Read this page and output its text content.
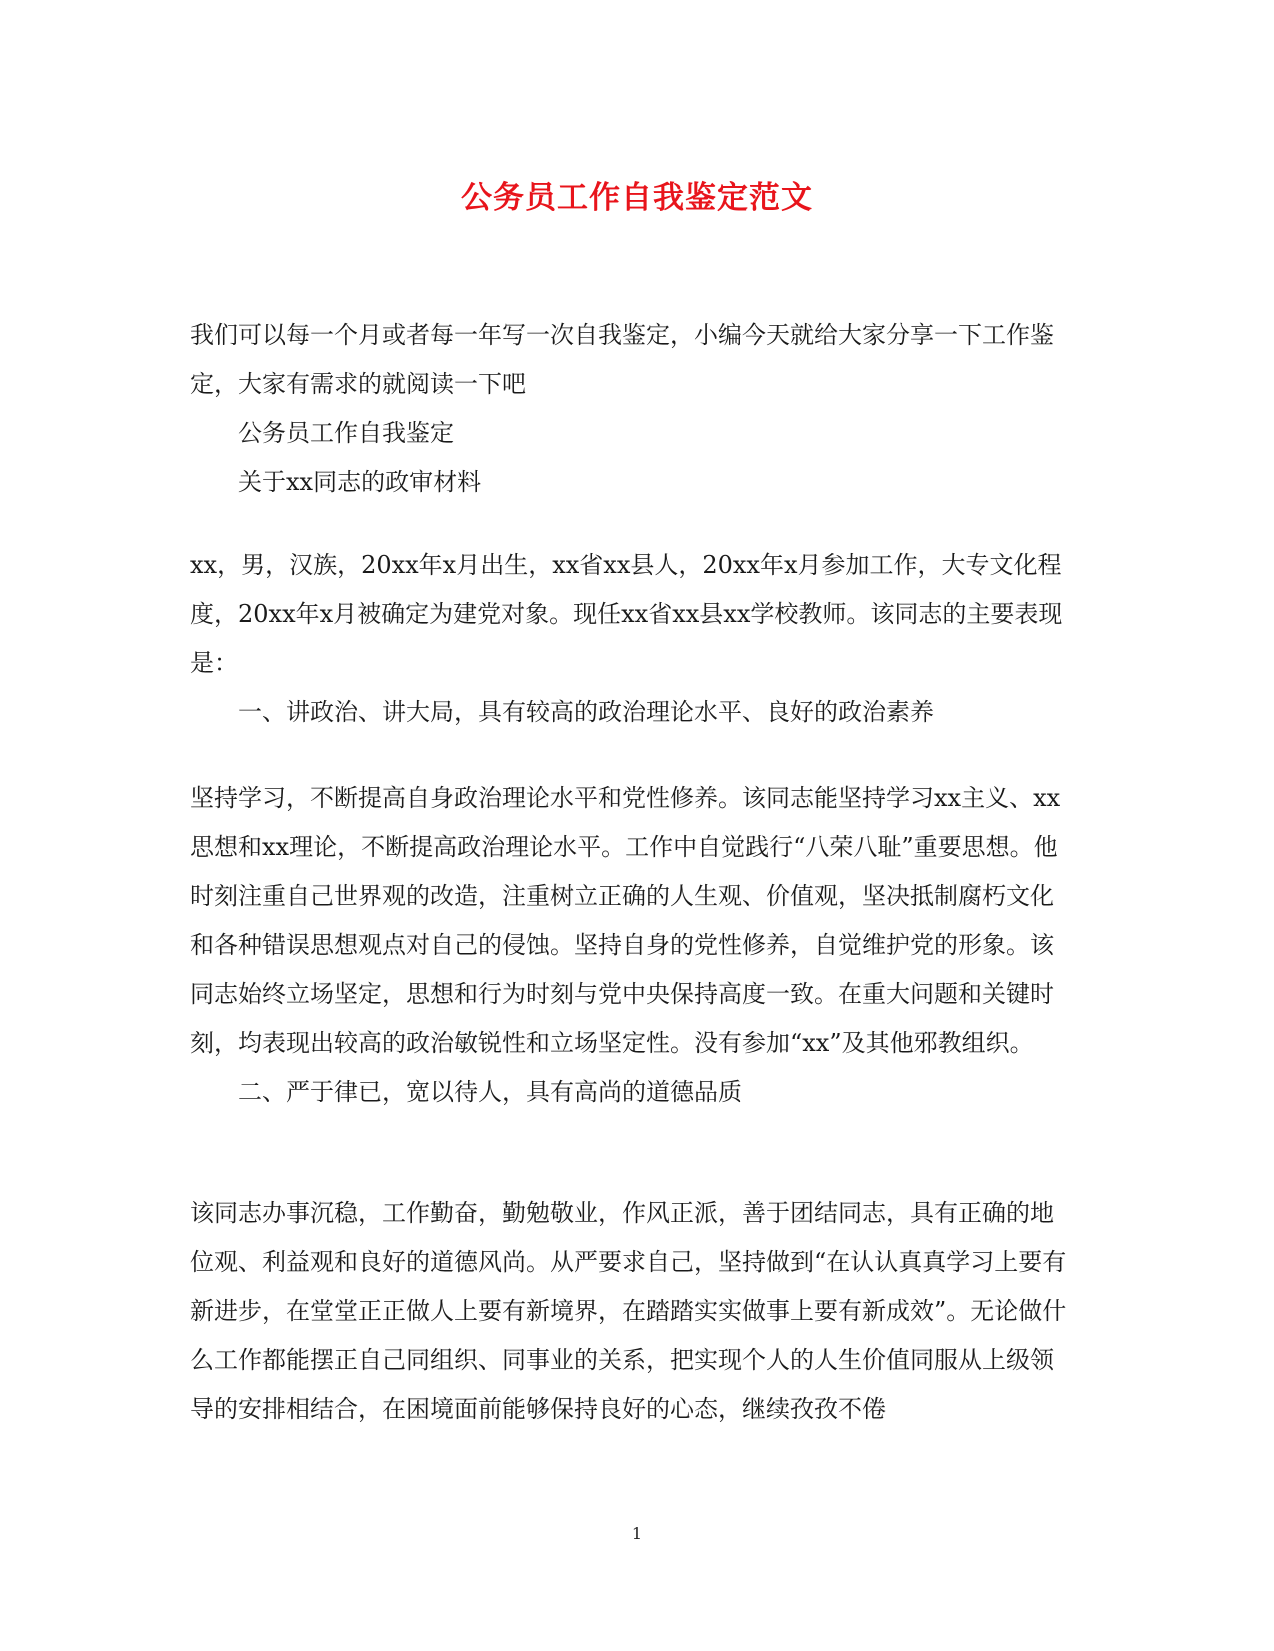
公务员工作自我鉴定范文

我们可以每一个月或者每一年写一次自我鉴定，小编今天就给大家分享一下工作鉴定，大家有需求的就阅读一下吧

公务员工作自我鉴定

关于xx同志的政审材料

xx，男，汉族，20xx年x月出生，xx省xx县人，20xx年x月参加工作，大专文化程度，20xx年x月被确定为建党对象。现任xx省xx县xx学校教师。该同志的主要表现是：

一、讲政治、讲大局，具有较高的政治理论水平、良好的政治素养

坚持学习，不断提高自身政治理论水平和党性修养。该同志能坚持学习xx主义、xx思想和xx理论，不断提高政治理论水平。工作中自觉践行“八荣八耻”重要思想。他时刻注重自己世界观的改造，注重树立正确的人生观、价值观，坚决抵制腐朽文化和各种错误思想观点对自己的侵蚀。坚持自身的党性修养，自觉维护党的形象。该同志始终立场坚定，思想和行为时刻与党中央保持高度一致。在重大问题和关键时刻，均表现出较高的政治敏锐性和立场坚定性。没有参加“xx”及其他邪教组织。

二、严于律已，宽以待人，具有高尚的道德品质

该同志办事沉稳，工作勤奋，勤勉敬业，作风正派，善于团结同志，具有正确的地位观、利益观和良好的道德风尚。从严要求自己，坚持做到“在认认真真学习上要有新进步，在堂堂正正做人上要有新境界，在踏踏实实做事上要有新成效”。无论做什么工作都能摆正自己同组织、同事业的关系，把实现个人的人生价值同服从上级领导的安排相结合，在困境面前能够保持良好的心态，继续孜孜不倦

1
